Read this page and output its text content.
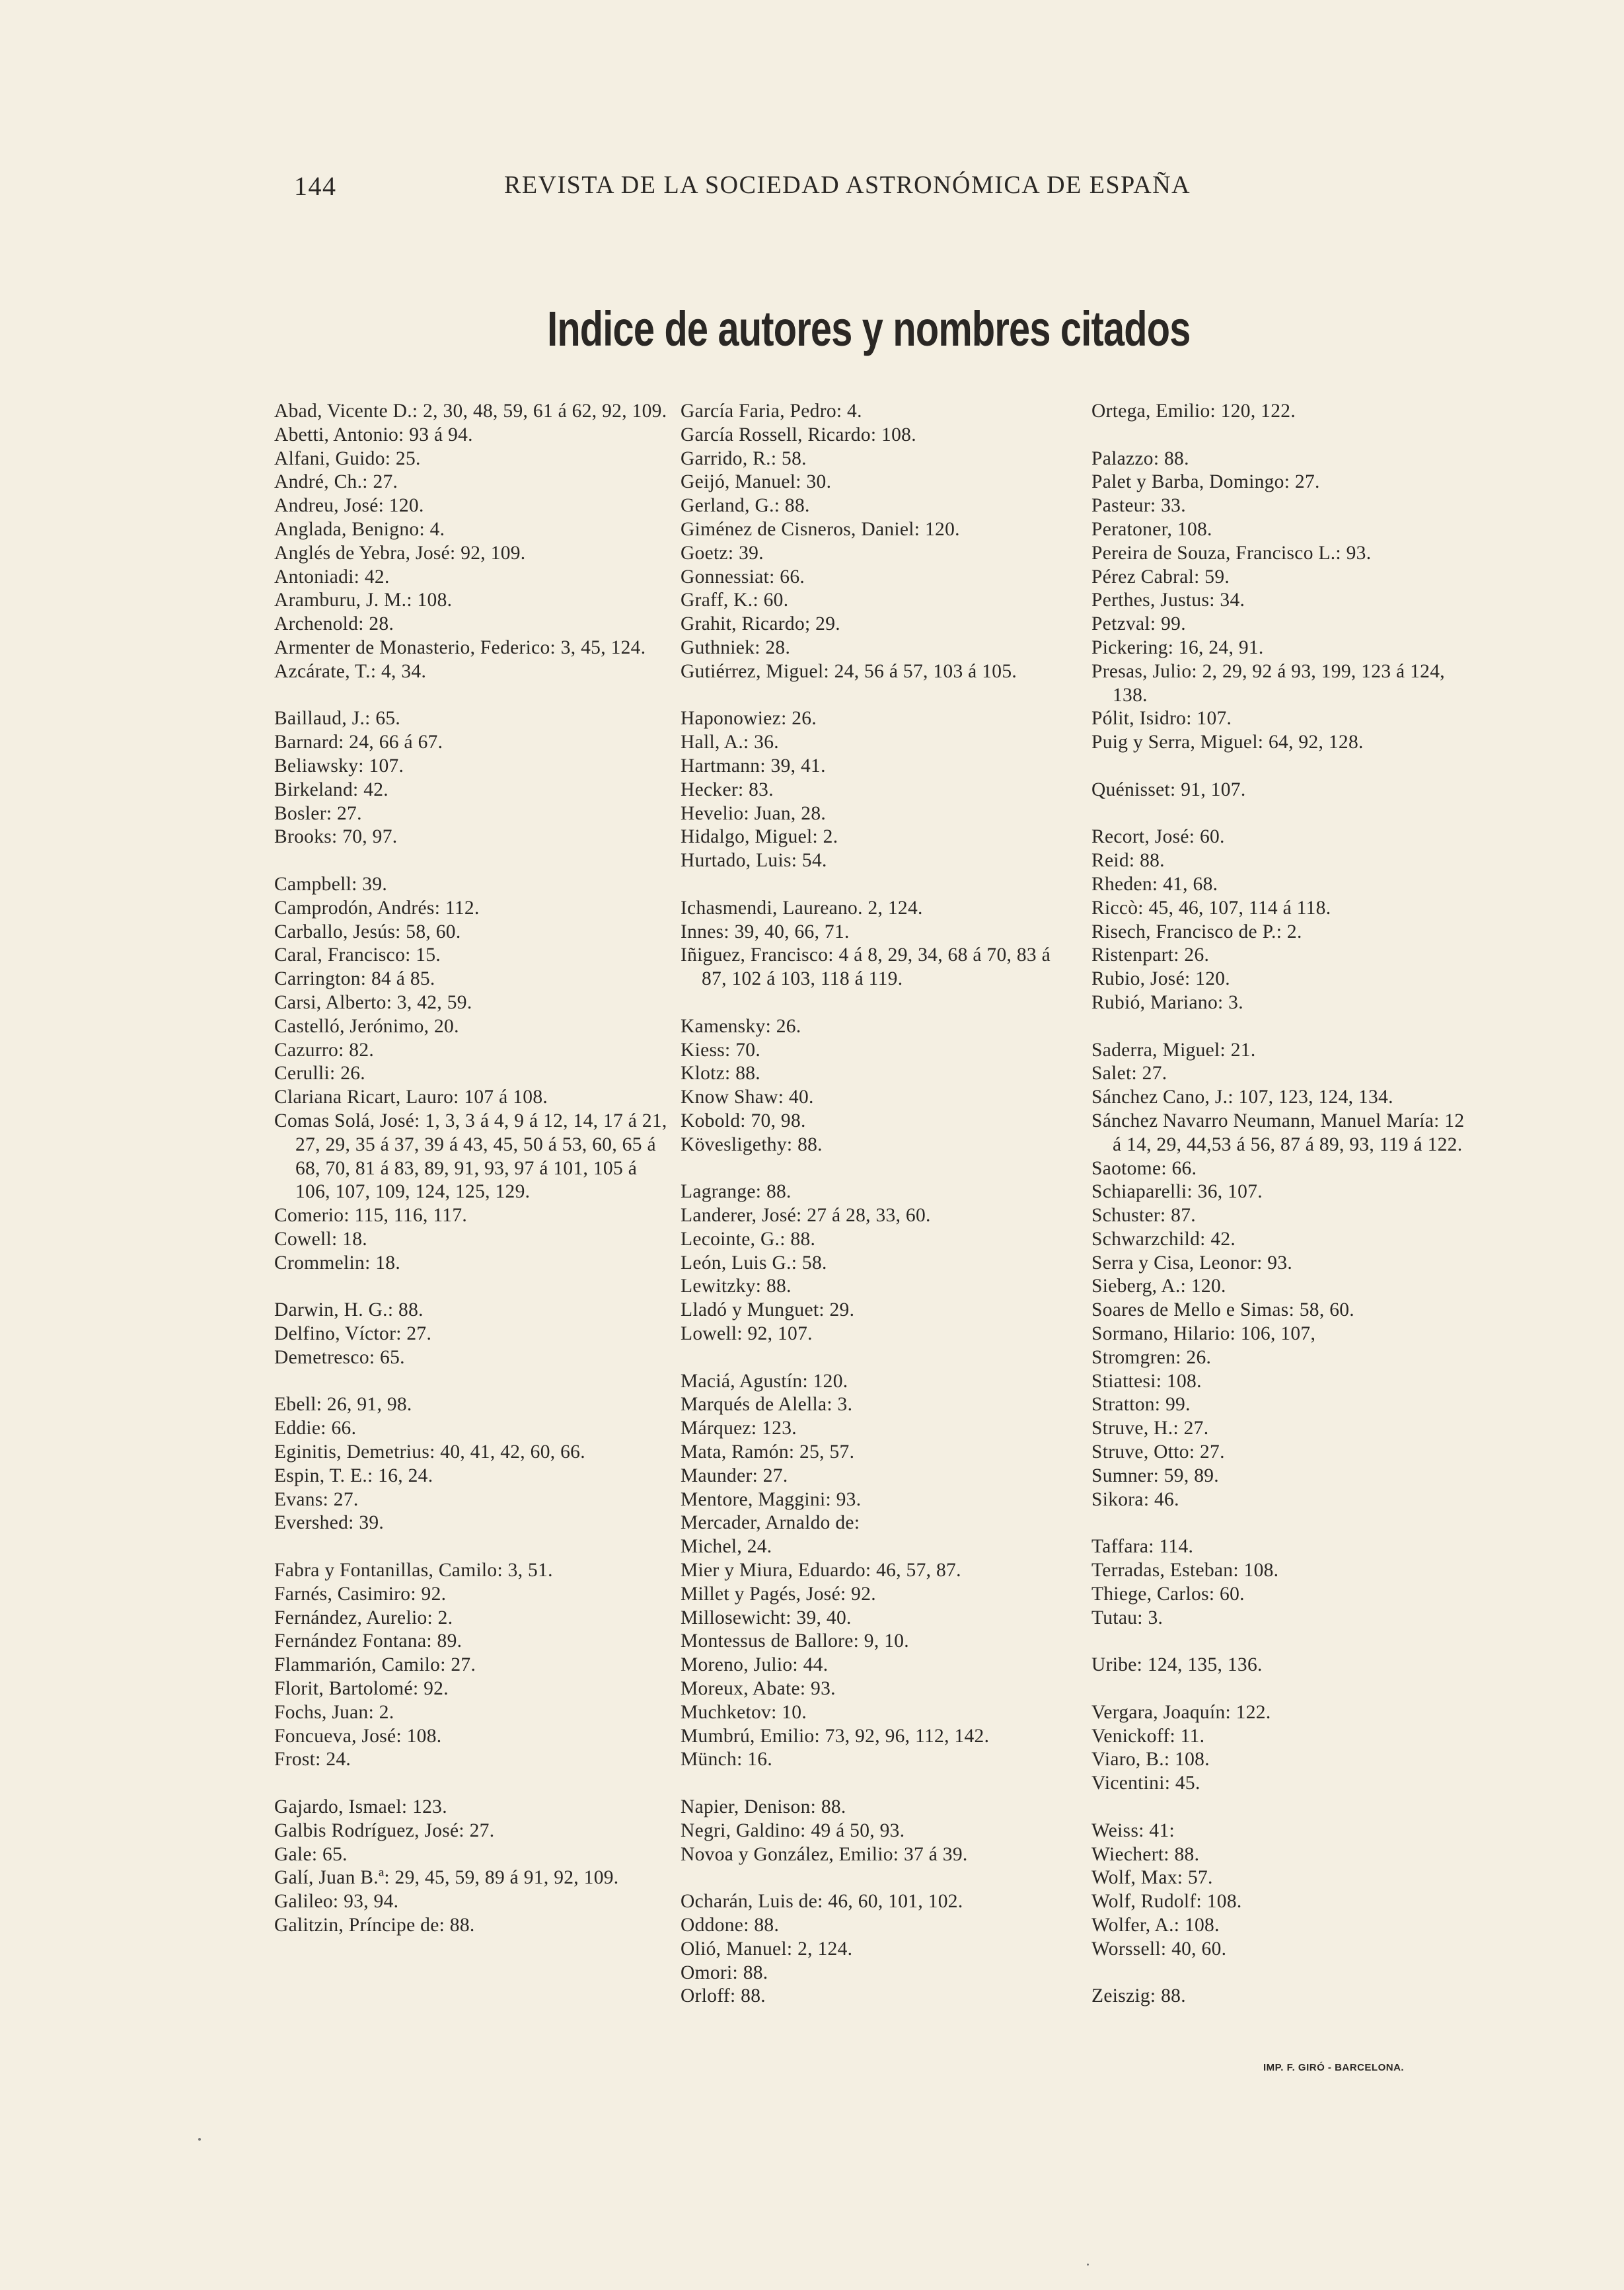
144	REVISTA DE LA SOCIEDAD ASTRONÓMICA DE ESPAÑA
Indice de autores y nombres citados
Abad, Vicente D.: 2, 30, 48, 59, 61 á 62, 92, 109.
Abetti, Antonio: 93 á 94.
Alfani, Guido: 25.
André, Ch.: 27.
Andreu, José: 120.
Anglada, Benigno: 4.
Anglés de Yebra, José: 92, 109.
Antoniadi: 42.
Aramburu, J. M.: 108.
Archenold: 28.
Armenter de Monasterio, Federico: 3, 45, 124.
Azcárate, T.: 4, 34.
Baillaud, J.: 65.
Barnard: 24, 66 á 67.
Beliawsky: 107.
Birkeland: 42.
Bosler: 27.
Brooks: 70, 97.
Campbell: 39.
Camprodón, Andrés: 112.
Carballo, Jesús: 58, 60.
Caral, Francisco: 15.
Carrington: 84 á 85.
Carsi, Alberto: 3, 42, 59.
Castelló, Jerónimo, 20.
Cazurro: 82.
Cerulli: 26.
Clariana Ricart, Lauro: 107 á 108.
Comas Solá, José: 1, 3, 3 á 4, 9 á 12, 14, 17 á 21, 27, 29, 35 á 37, 39 á 43, 45, 50 á 53, 60, 65 á 68, 70, 81 á 83, 89, 91, 93, 97 á 101, 105 á 106, 107, 109, 124, 125, 129.
Comerio: 115, 116, 117.
Cowell: 18.
Crommelin: 18.
Darwin, H. G.: 88.
Delfino, Víctor: 27.
Demetresco: 65.
Ebell: 26, 91, 98.
Eddie: 66.
Eginitis, Demetrius: 40, 41, 42, 60, 66.
Espin, T. E.: 16, 24.
Evans: 27.
Evershed: 39.
Fabra y Fontanillas, Camilo: 3, 51.
Farnés, Casimiro: 92.
Fernández, Aurelio: 2.
Fernández Fontana: 89.
Flammarión, Camilo: 27.
Florit, Bartolomé: 92.
Fochs, Juan: 2.
Foncueva, José: 108.
Frost: 24.
Gajardo, Ismael: 123.
Galbis Rodríguez, José: 27.
Gale: 65.
Galí, Juan B.ª: 29, 45, 59, 89 á 91, 92, 109.
Galileo: 93, 94.
Galitzin, Príncipe de: 88.
García Faria, Pedro: 4.
García Rossell, Ricardo: 108.
Garrido, R.: 58.
Geijó, Manuel: 30.
Gerland, G.: 88.
Giménez de Cisneros, Daniel: 120.
Goetz: 39.
Gonnessiat: 66.
Graff, K.: 60.
Grahit, Ricardo; 29.
Guthniek: 28.
Gutiérrez, Miguel: 24, 56 á 57, 103 á 105.
Haponowiez: 26.
Hall, A.: 36.
Hartmann: 39, 41.
Hecker: 83.
Hevelio: Juan, 28.
Hidalgo, Miguel: 2.
Hurtado, Luis: 54.
Ichasmendi, Laureano. 2, 124.
Innes: 39, 40, 66, 71.
Iñiguez, Francisco: 4 á 8, 29, 34, 68 á 70, 83 á 87, 102 á 103, 118 á 119.
Kamensky: 26.
Kiess: 70.
Klotz: 88.
Know Shaw: 40.
Kobold: 70, 98.
Kövesligethy: 88.
Lagrange: 88.
Landerer, José: 27 á 28, 33, 60.
Lecointe, G.: 88.
León, Luis G.: 58.
Lewitzky: 88.
Lladó y Munguet: 29.
Lowell: 92, 107.
Maciá, Agustín: 120.
Marqués de Alella: 3.
Márquez: 123.
Mata, Ramón: 25, 57.
Maunder: 27.
Mentore, Maggini: 93.
Mercader, Arnaldo de:
Michel, 24.
Mier y Miura, Eduardo: 46, 57, 87.
Millet y Pagés, José: 92.
Millosewicht: 39, 40.
Montessus de Ballore: 9, 10.
Moreno, Julio: 44.
Moreux, Abate: 93.
Muchketov: 10.
Mumbrú, Emilio: 73, 92, 96, 112, 142.
Münch: 16.
Napier, Denison: 88.
Negri, Galdino: 49 á 50, 93.
Novoa y González, Emilio: 37 á 39.
Ocharán, Luis de: 46, 60, 101, 102.
Oddone: 88.
Olió, Manuel: 2, 124.
Omori: 88.
Orloff: 88.
Ortega, Emilio: 120, 122.
Palazzo: 88.
Palet y Barba, Domingo: 27.
Pasteur: 33.
Peratoner, 108.
Pereira de Souza, Francisco L.: 93.
Pérez Cabral: 59.
Perthes, Justus: 34.
Petzval: 99.
Pickering: 16, 24, 91.
Presas, Julio: 2, 29, 92 á 93, 199, 123 á 124, 138.
Pólit, Isidro: 107.
Puig y Serra, Miguel: 64, 92, 128.
Quénisset: 91, 107.
Recort, José: 60.
Reid: 88.
Rheden: 41, 68.
Riccò: 45, 46, 107, 114 á 118.
Risech, Francisco de P.: 2.
Ristenpart: 26.
Rubio, José: 120.
Rubió, Mariano: 3.
Saderra, Miguel: 21.
Salet: 27.
Sánchez Cano, J.: 107, 123, 124, 134.
Sánchez Navarro Neumann, Manuel María: 12 á 14, 29, 44,53 á 56, 87 á 89, 93, 119 á 122.
Saotome: 66.
Schiaparelli: 36, 107.
Schuster: 87.
Schwarzchild: 42.
Serra y Cisa, Leonor: 93.
Sieberg, A.: 120.
Soares de Mello e Simas: 58, 60.
Sormano, Hilario: 106, 107,
Stromgren: 26.
Stiattesi: 108.
Stratton: 99.
Struve, H.: 27.
Struve, Otto: 27.
Sumner: 59, 89.
Sikora: 46.
Taffara: 114.
Terradas, Esteban: 108.
Thiege, Carlos: 60.
Tutau: 3.
Uribe: 124, 135, 136.
Vergara, Joaquín: 122.
Venickoff: 11.
Viaro, B.: 108.
Vicentini: 45.
Weiss: 41:
Wiechert: 88.
Wolf, Max: 57.
Wolf, Rudolf: 108.
Wolfer, A.: 108.
Worssell: 40, 60.
Zeiszig: 88.
IMP. F. GIRÓ - BARCELONA.
